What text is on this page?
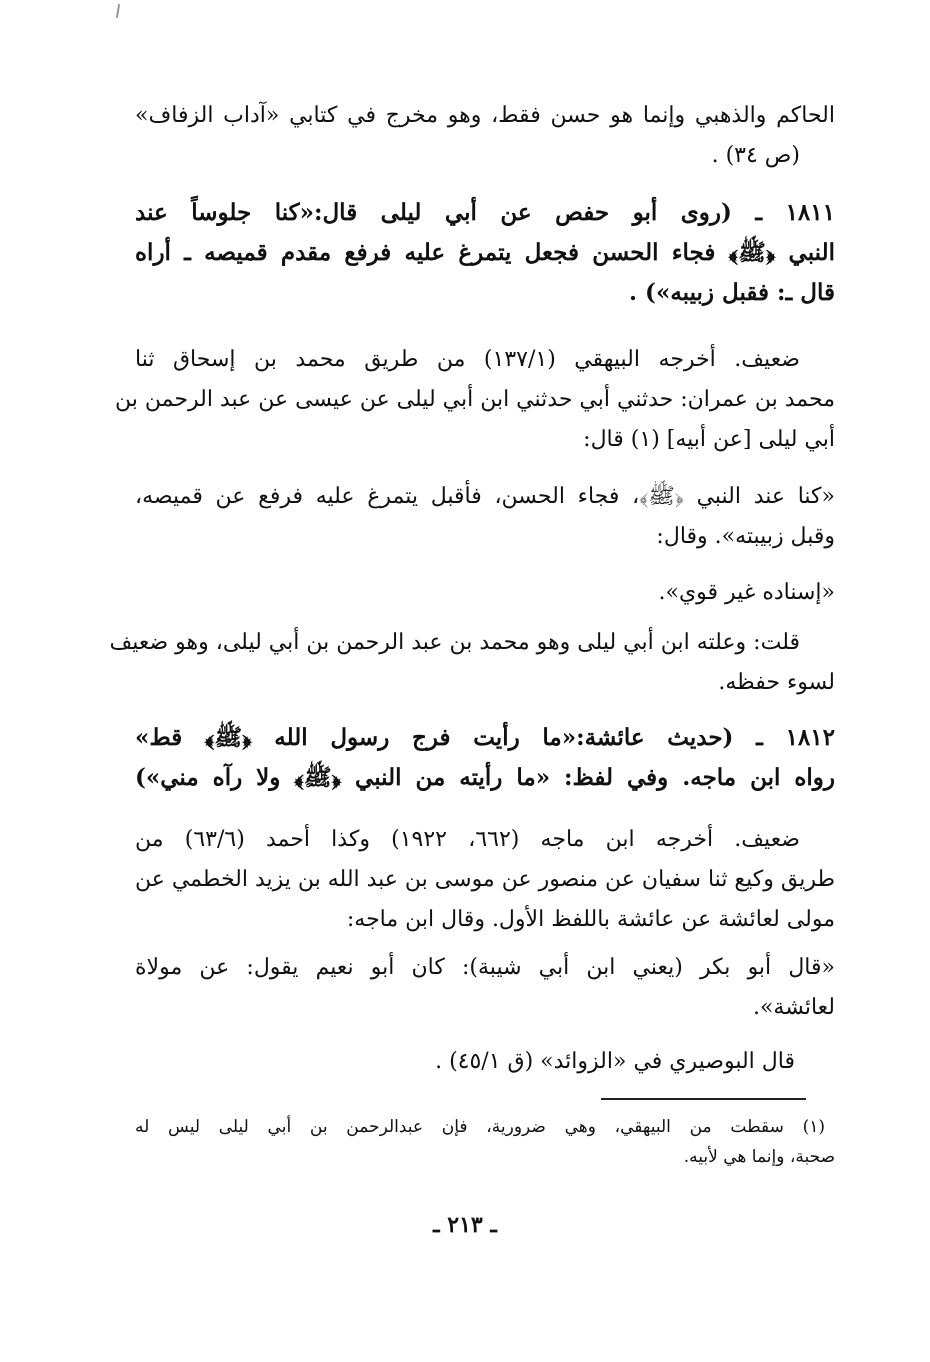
الحاكم والذهبي وإنما هو حسن فقط، وهو مخرج في كتابي «آداب الزفاف»
(ص ٣٤) .
١٨١١ ـ (روى أبو حفص عن أبي ليلى قال:«كنا جلوساً عند
النبي ﴿ﷺ﴾ فجاء الحسن فجعل يتمرغ عليه فرفع مقدم قميصه ـ أراه
قال ـ: فقبل زبيبه») .
ضعيف. أخرجه البيهقي (١٣٧/١) من طريق محمد بن إسحاق ثنا
محمد بن عمران: حدثني أبي حدثني ابن أبي ليلى عن عيسى عن عبد الرحمن بن
أبي ليلى [عن أبيه] (١) قال:
«كنا عند النبي ﴿ﷺ﴾، فجاء الحسن، فأقبل يتمرغ عليه فرفع عن قميصه،
وقبل زبيبته». وقال:
«إسناده غير قوي».
قلت: وعلته ابن أبي ليلى وهو محمد بن عبد الرحمن بن أبي ليلى، وهو ضعيف
لسوء حفظه.
١٨١٢ ـ (حديث عائشة:«ما رأيت فرج رسول الله ﴿ﷺ﴾ قط»
رواه ابن ماجه. وفي لفظ: «ما رأيته من النبي ﴿ﷺ﴾ ولا رآه مني»)
ضعيف. أخرجه ابن ماجه (٦٦٢، ١٩٢٢) وكذا أحمد (٦٣/٦) من
طريق وكيع ثنا سفيان عن منصور عن موسى بن عبد الله بن يزيد الخطمي عن
مولى لعائشة عن عائشة باللفظ الأول. وقال ابن ماجه:
«قال أبو بكر (يعني ابن أبي شيبة): كان أبو نعيم يقول: عن مولاة
لعائشة».
قال البوصيري في «الزوائد» (ق ٤٥/١) .
(١) سقطت من البيهقي، وهي ضرورية، فإن عبدالرحمن بن أبي ليلى ليس له
صحبة، وإنما هي لأبيه.
ـ ٢١٣ ـ
